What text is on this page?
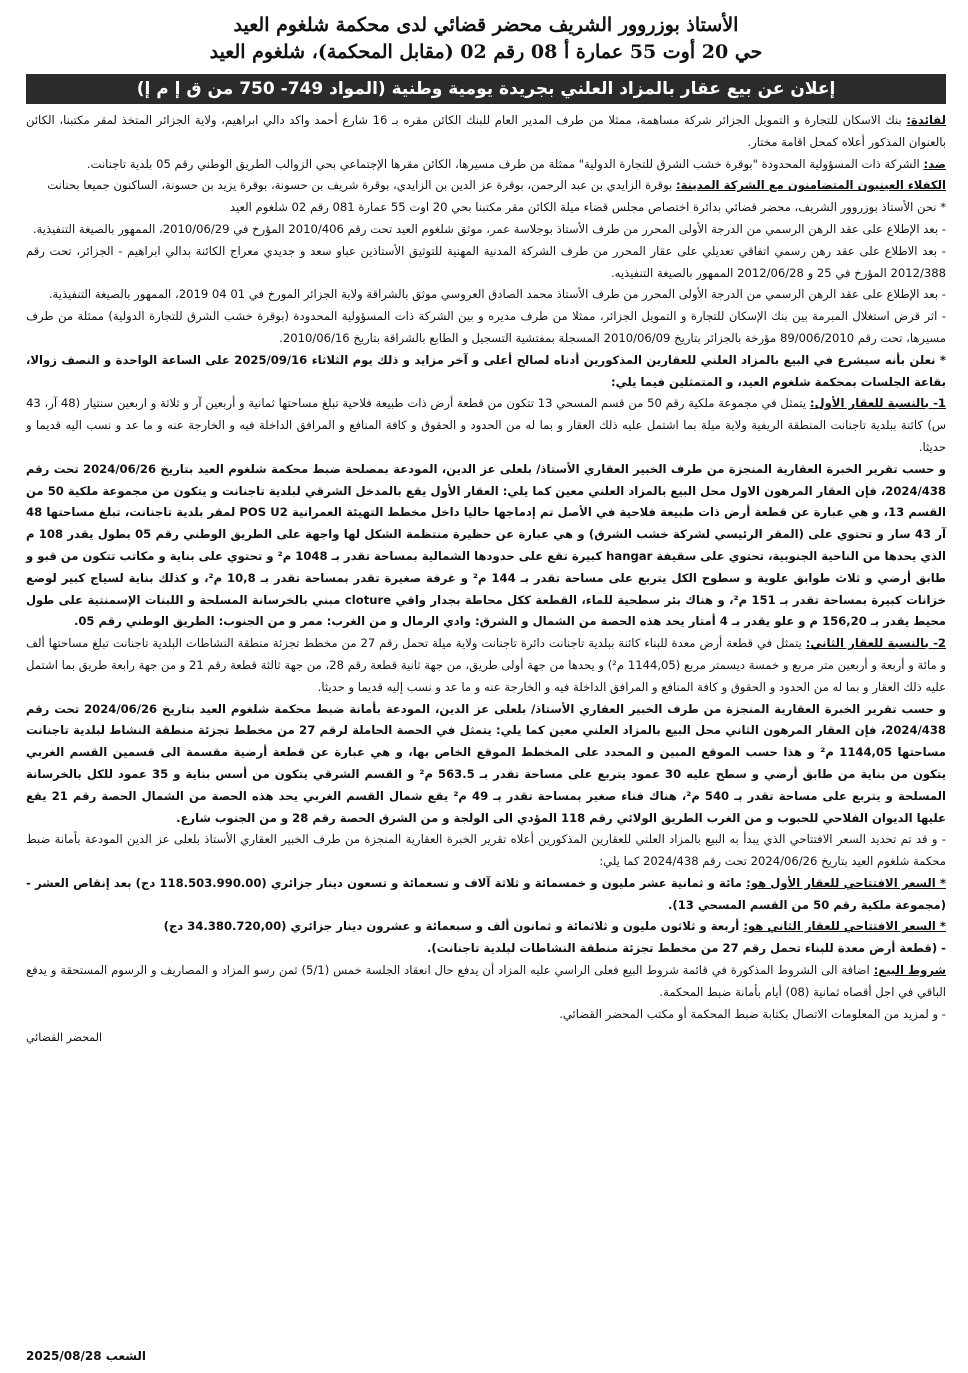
الأستاذ بوزروور الشريف محضر قضائي لدى محكمة شلغوم العيد
حي 20 أوت 55 عمارة أ 08 رقم 02 (مقابل المحكمة)، شلغوم العيد
إعلان عن بيع عقار بالمزاد العلني بجريدة يومية وطنية (المواد 749- 750 من ق إ م إ)

لفائدة: بنك الاسكان للتجارة و التمويل الجزائر شركة مساهمة، ممثلا من طرف المدير العام للبنك الكائن مقره بـ 16 شارع أحمد واكد دالي ابراهيم، ولاية الجزائر المتخذ لمقر مكتبنا، الكائن بالعنوان المذكور أعلاه كمحل اقامة مختار.

ضد: الشركة ذات المسؤولية المحدودة "بوقرة خشب الشرق للتجارة الدولية" ممثلة من طرف مسيرها، الكائن مقرها الإجتماعي بحي الزوالب الطريق الوطني رقم 05 بلدية تاجنانت.

الكفلاء العينيون المتضامنون مع الشركة المدينة: بوقرة الزايدي بن عبد الرحمن، بوقرة عز الدين بن الزايدي، بوقرة شريف بن حسونة، بوقرة يزيد بن حسونة، الساكنون جميعا بحنانت

* نحن الأستاذ بوزروور الشريف، محضر قضائي بدائرة اختصاص مجلس قضاء ميلة الكائن مقر مكتبنا بحي 20 اوت 55 عمارة 081 رقم 02 شلغوم العيد

- بعد الإطلاع على عقد الرهن الرسمي من الدرجة الأولى المحرر من طرف الأستاذ بوجلاسة عمر، موثق شلغوم العيد تحت رقم 2010/406 المؤرخ في 2010/06/29، الممهور بالصيغة التنفيذية.

- بعد الاطلاع على عقد رهن رسمي اتفاقي تعديلي على عقار المحرر من طرف الشركة المدنية المهنية للتوثيق الأستاذين عباو سعد و جديدي معراج الكائنة بدالي ابراهيم - الجزائر، تحت رقم 2012/388 المؤرخ في 25 و 2012/06/28 الممهور بالصيغة التنفيذيه.

- بعد الإطلاع على عقد الرهن الرسمي من الدرجة الأولى المحرر من طرف الأستاذ محمد الصادق العروسي موثق بالشراقة ولاية الجزائر المورخ في 01 04 2019، الممهور بالصيغة التنفيذية.

- اثر قرض استغلال المبرمة بين بنك الإسكان للتجارة و التمويل الجزائر، ممثلا من طرف مديره و بين الشركة ذات المسؤولية المحدودة (بوقرة خشب الشرق للتجارة الدولية) ممثلة من طرف مسيرها، تحت رقم 89/006/2010 مؤرخة بالجزائر بتاريخ 2010/06/09 المسجلة بمفتشية التسجيل و الطابع بالشراقة بتاريخ 2010/06/16.

* نعلن بأنه سيشرع في البيع بالمزاد العلني للعقارين المذكورين أدناه لصالح أعلى و آخر مزايد و ذلك يوم الثلاثاء 2025/09/16 على الساعة الواحدة و النصف زوالا، بقاعة الجلسات بمحكمة شلغوم العيد، و المتمثلين فيما يلي:

1- بالنسبة للعقار الأول: يتمثل في مجموعة ملكية رقم 50 من قسم المسحي 13 تتكون من قطعة أرض ذات طبيعة فلاحية تبلغ مساحتها ثمانية و أربعين آر و ثلاثة و اربعين سنتيار (48 آر، 43 س) كائنة ببلدية تاجنانت المنطقة الريفية ولاية ميلة بما اشتمل عليه ذلك العقار و بما له من الحدود و الحقوق و كافة المنافع و المرافق الداخلة فيه و الخارجة عنه و ما عد و نسب اليه قديما و حديثا.

و حسب تقرير الخبرة العقارية المنجزة من طرف الخبير العقاري الأستاذ/ بلعلى عز الدين، المودعة بمصلحة ضبط محكمة شلغوم العيد بتاريخ 2024/06/26 تحت رقم 2024/438، فإن العقار المرهون الاول محل البيع بالمزاد العلني معين كما يلي: العقار الأول يقع بالمدخل الشرقي لبلدية تاجنانت و يتكون من مجموعة ملكية 50 من القسم 13، و هي عبارة عن قطعة أرض ذات طبيعة فلاحية في الأصل تم إدماجها حاليا داخل مخطط التهيئة العمرانية POS U2 لمقر بلدية تاجنانت، تبلغ مساحتها 48 آر 43 سار و تحتوي على (المقر الرئيسي لشركة خشب الشرق) و هي عبارة عن حظيرة منتظمة الشكل لها واجهة على الطريق الوطني رقم 05 بطول يقدر 108 م الذي يحدها من الناحية الجنوبية، تحتوي على سقيفة hangar كبيرة تقع على حدودها الشمالية بمساحة تقدر بـ 1048 م² و تحتوي على بناية و مكاتب تتكون من قبو و طابق أرضي و ثلاث طوابق علوية و سطوح الكل يتربع على مساحة تقدر بـ 144 م² و غرفة صغيرة تقدر بمساحة تقدر بـ 10,8 م²، و كذلك بناية لسياج كبير لوضع خزانات كبيرة بمساحة تقدر بـ 151 م²، و هناك بئر سطحية للماء، القطعة ككل محاطة بجدار واقي cloture مبني بالخرسانة المسلحة و اللبنات الإسمنتية على طول محيط يقدر بـ 156,20 م و علو يقدر بـ 4 أمتار يحد هذه الحصة من الشمال و الشرق: وادي الرمال و من الغرب: ممر و من الجنوب: الطريق الوطني رقم 05.

2- بالنسبة للعقار الثاني: يتمثل في قطعة أرض معدة للبناء كائنة ببلدية تاجنانت دائرة تاجنانت ولاية ميلة تحمل رقم 27 من مخطط تجزئة منطقة النشاطات البلدية تاجنانت تبلغ مساحتها ألف و مائة و أربعة و أربعين متر مربع و خمسة ديسمتر مربع (1144,05 م²) و يحدها من جهة أولى طريق، من جهة ثانية قطعة رقم 28، من جهة ثالثة قطعة رقم 21 و من جهة رابعة طريق بما اشتمل عليه ذلك العقار و بما له من الحدود و الحقوق و كافة المنافع و المرافق الداخلة فيه و الخارجة عنه و ما عد و نسب إليه قديما و حديثا.

و حسب تقرير الخبرة العقارية المنجزة من طرف الخبير العقاري الأستاذ/ بلعلى عز الدين، المودعة بأمانة ضبط محكمة شلغوم العيد بتاريخ 2024/06/26 تحت رقم 2024/438، فإن العقار المرهون الثاني محل البيع بالمزاد العلني معين كما يلي: يتمثل في الحصة الحاملة لرقم 27 من مخطط تجزئة منطقة النشاط لبلدية تاجنانت مساحتها 1144,05 م² و هذا حسب الموقع المبين و المحدد على المخطط الموقع الخاص بها، و هي عبارة عن قطعة أرضية مقسمة الى قسمين القسم الغربي يتكون من بناية من طابق أرضي و سطح عليه 30 عمود يتربع على مساحة تقدر بـ 563.5 م² و القسم الشرقي يتكون من أسس بناية و 35 عمود للكل بالخرسانة المسلحة و يتربع على مساحة تقدر بـ 540 م²، هناك فناء صغير بمساحة تقدر بـ 49 م² يقع شمال القسم الغربي يحد هذه الحصة من الشمال الحصة رقم 21 يقع عليها الديوان الفلاحي للحبوب و من الغرب الطريق الولائي رقم 118 المؤدي الى الولجة و من الشرق الحصة رقم 28 و من الجنوب شارع.

- و قد تم تحديد السعر الافتتاحي الذي يبدأ به البيع بالمزاد العلني للعقارين المذكورين أعلاه تقرير الخبرة العقارية المنجزة من طرف الخبير العقاري الأستاذ بلعلى عز الدين المودعة بأمانة ضبط محكمة شلغوم العيد بتاريخ 2024/06/26 تحت رقم 2024/438 كما يلي:

* السعر الافتتاحي للعقار الأول هو: مائة و ثمانية عشر مليون و خمسمائة و ثلاثة آلاف و تسعمائة و تسعون دينار جزائري (118.503.990.00 دج) بعد إنقاص العشر - (مجموعة ملكية رقم 50 من القسم المسحي 13).

* السعر الافتتاحي للعقار الثاني هو: أربعة و ثلاثون مليون و ثلاثمائة و ثمانون ألف و سبعمائة و عشرون دينار جزائري (34.380.720,00 دج)

- (قطعة أرض معدة للبناء تحمل رقم 27 من مخطط تجزئة منطقة النشاطات لبلدية تاجنانت).

شروط البيع: اضافة الى الشروط المذكورة في قائمة شروط البيع فعلى الراسي عليه المزاد أن يدفع حال انعقاد الجلسة خمس (5/1) ثمن رسو المزاد و المصاريف و الرسوم المستحقة و يدفع الباقي في اجل أقصاه ثمانية (08) أيام بأمانة ضبط المحكمة.

- و لمزيد من المعلومات الاتصال بكتابة ضبط المحكمة أو مكتب المحضر القضائي.

المحضر القضائي
الشعب 2025/08/28
